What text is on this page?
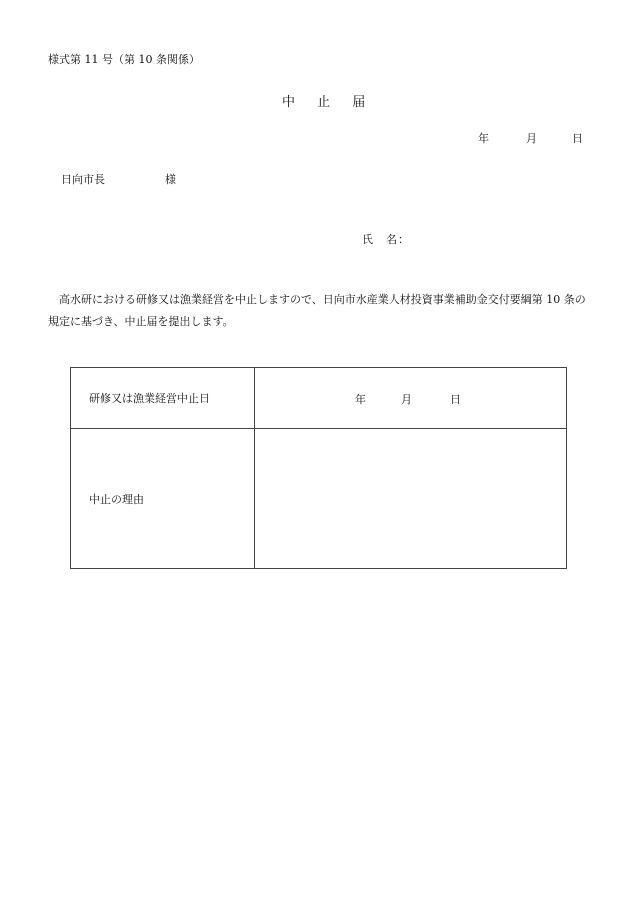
様式第 11 号（第 10 条関係）
中 止 届
年	月	日
日向市長	様
氏　名：
高水研における研修又は漁業経営を中止しますので、日向市水産業人材投資事業補助金交付要綱第 10 条の規定に基づき、中止届を提出します。
研修又は漁業経営中止日	年 月 日

中止の理由	
